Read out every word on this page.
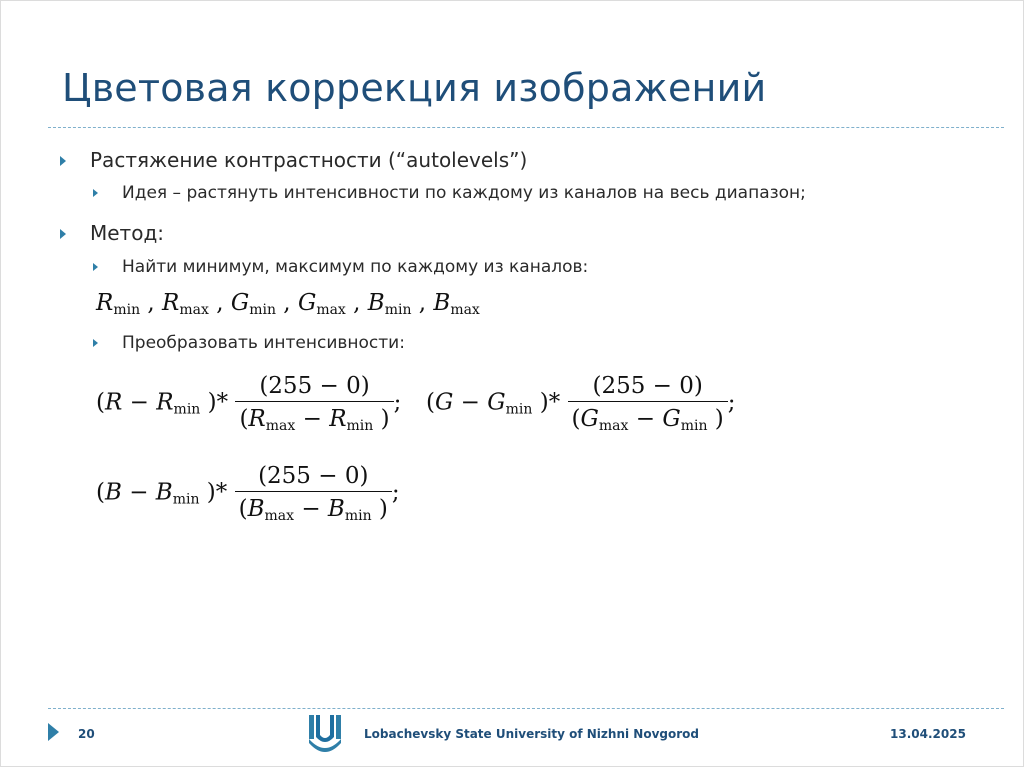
Цветовая коррекция изображений
Растяжение контрастности (“autolevels”)
Идея – растянуть интенсивности по каждому из каналов на весь диапазон;
Метод:
Найти минимум, максимум по каждому из каналов:
$R_{min}$ , $R_{max}$ , $G_{min}$ , $G_{max}$ , $B_{min}$ , $B_{max}$
Преобразовать интенсивности:
($R - R_{min}$ )* $\frac{(255 - 0)}{(R_{max} - R_{min} )}$ ; ($G - G_{min}$ )* $\frac{(255 - 0)}{(G_{max} - G_{min} )}$ ;
($B - B_{min}$ )* $\frac{(255 - 0)}{(B_{max} - B_{min} )}$ ;
20	Lobachevsky State University of Nizhni Novgorod	13.04.2025
